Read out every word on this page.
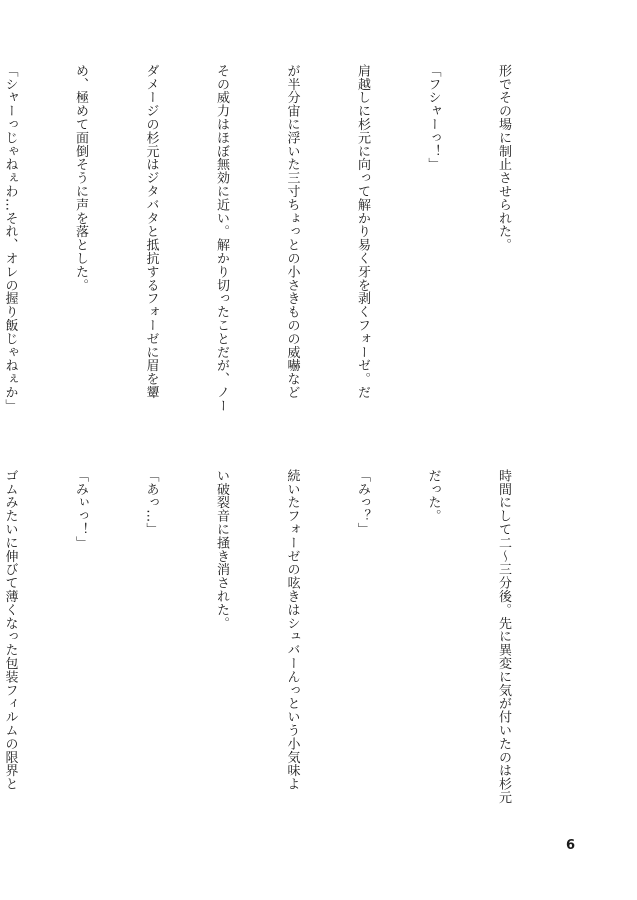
形でその場に制止させられた。

「フシャーっ！」

肩越しに杉元に向って解かり易く牙を剥くフォーゼ。だ

が半分宙に浮いた三寸ちょっとの小さきものの威嚇など

その威力はほぼ無効に近い。解かり切ったことだが、ノー

ダメージの杉元はジタバタと抵抗するフォーゼに眉を顰

め、極めて面倒そうに声を落とした。

「シャーっじゃねぇわ…それ、オレの握り飯じゃねぇか」

時間にして二〜三分後。先に異変に気が付いたのは杉元

だった。

「みっ？」

続いたフォーゼの呟きはシュバーんっという小気味よ

い破裂音に掻き消された。

「あっ…」

「みぃっ！」

ゴムみたいに伸びて薄くなった包装フィルムの限界と

6
